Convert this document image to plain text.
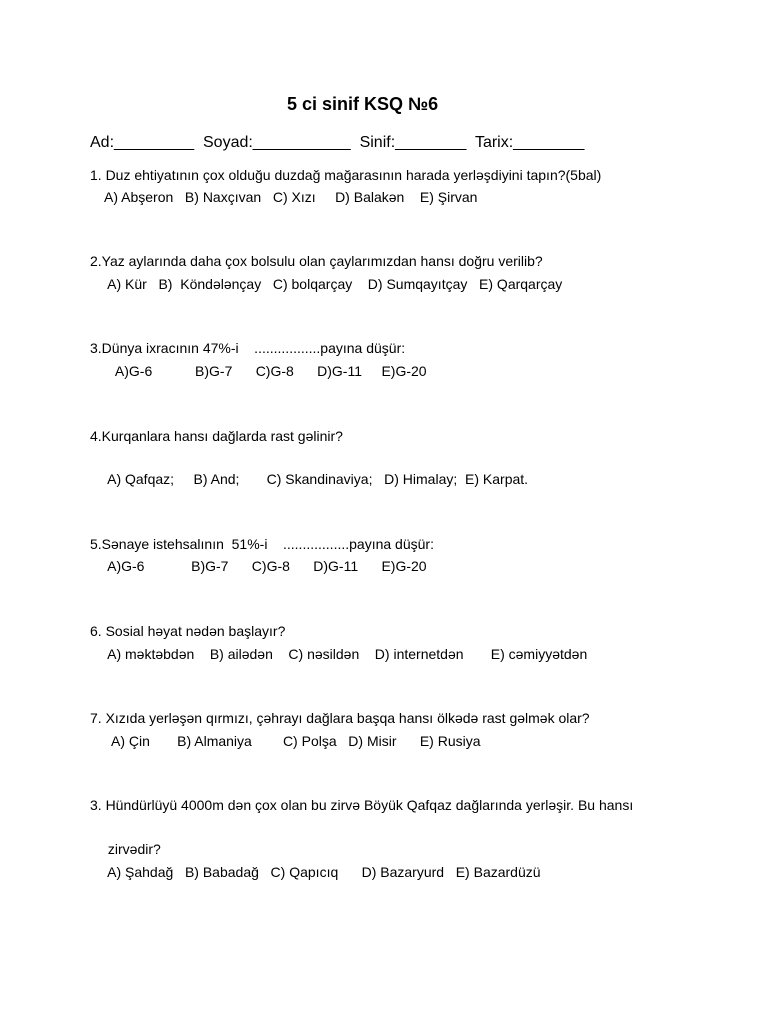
5 ci sinif KSQ №6
Ad:_________  Soyad:___________  Sinif:________  Tarix:________
1. Duz ehtiyatının çox olduğu duzdağ mağarasının harada yerləşdiyini tapın?(5bal)
A) Abşeron   B) Naxçıvan   C) Xızı     D) Balakən    E) Şirvan
2.Yaz aylarında daha çox bolsulu olan çaylarımızdan hansı doğru verilib?
A) Kür   B)  Köndələnçay   C) bolqarçay    D) Sumqayıtçay   E) Qarqarçay
3.Dünya ixracının 47%-i    .................payına düşür:
A)G-6           B)G-7      C)G-8      D)G-11     E)G-20
4.Kurqanlara hansı dağlarda rast gəlinir?
A) Qafqaz;     B) And;       C) Skandinaviya;   D) Himalay;  E) Karpat.
5.Sənaye istehsalının  51%-i    .................payına düşür:
A)G-6            B)G-7      C)G-8      D)G-11      E)G-20
6. Sosial həyat nədən başlayır?
A) məktəbdən    B) ailədən    C) nəsildən    D) internetdən       E) cəmiyyətdən
7. Xızıda yerləşən qırmızı, çəhrayı dağlara başqa hansı ölkədə rast gəlmək olar?
A) Çin       B) Almaniya        C) Polşa   D) Misir      E) Rusiya
3. Hündürlüyü 4000m dən çox olan bu zirvə Böyük Qafqaz dağlarında yerləşir. Bu hansı
zirvədir?
A) Şahdağ   B) Babadağ   C) Qapıcıq      D) Bazaryurd   E) Bazardüzü
